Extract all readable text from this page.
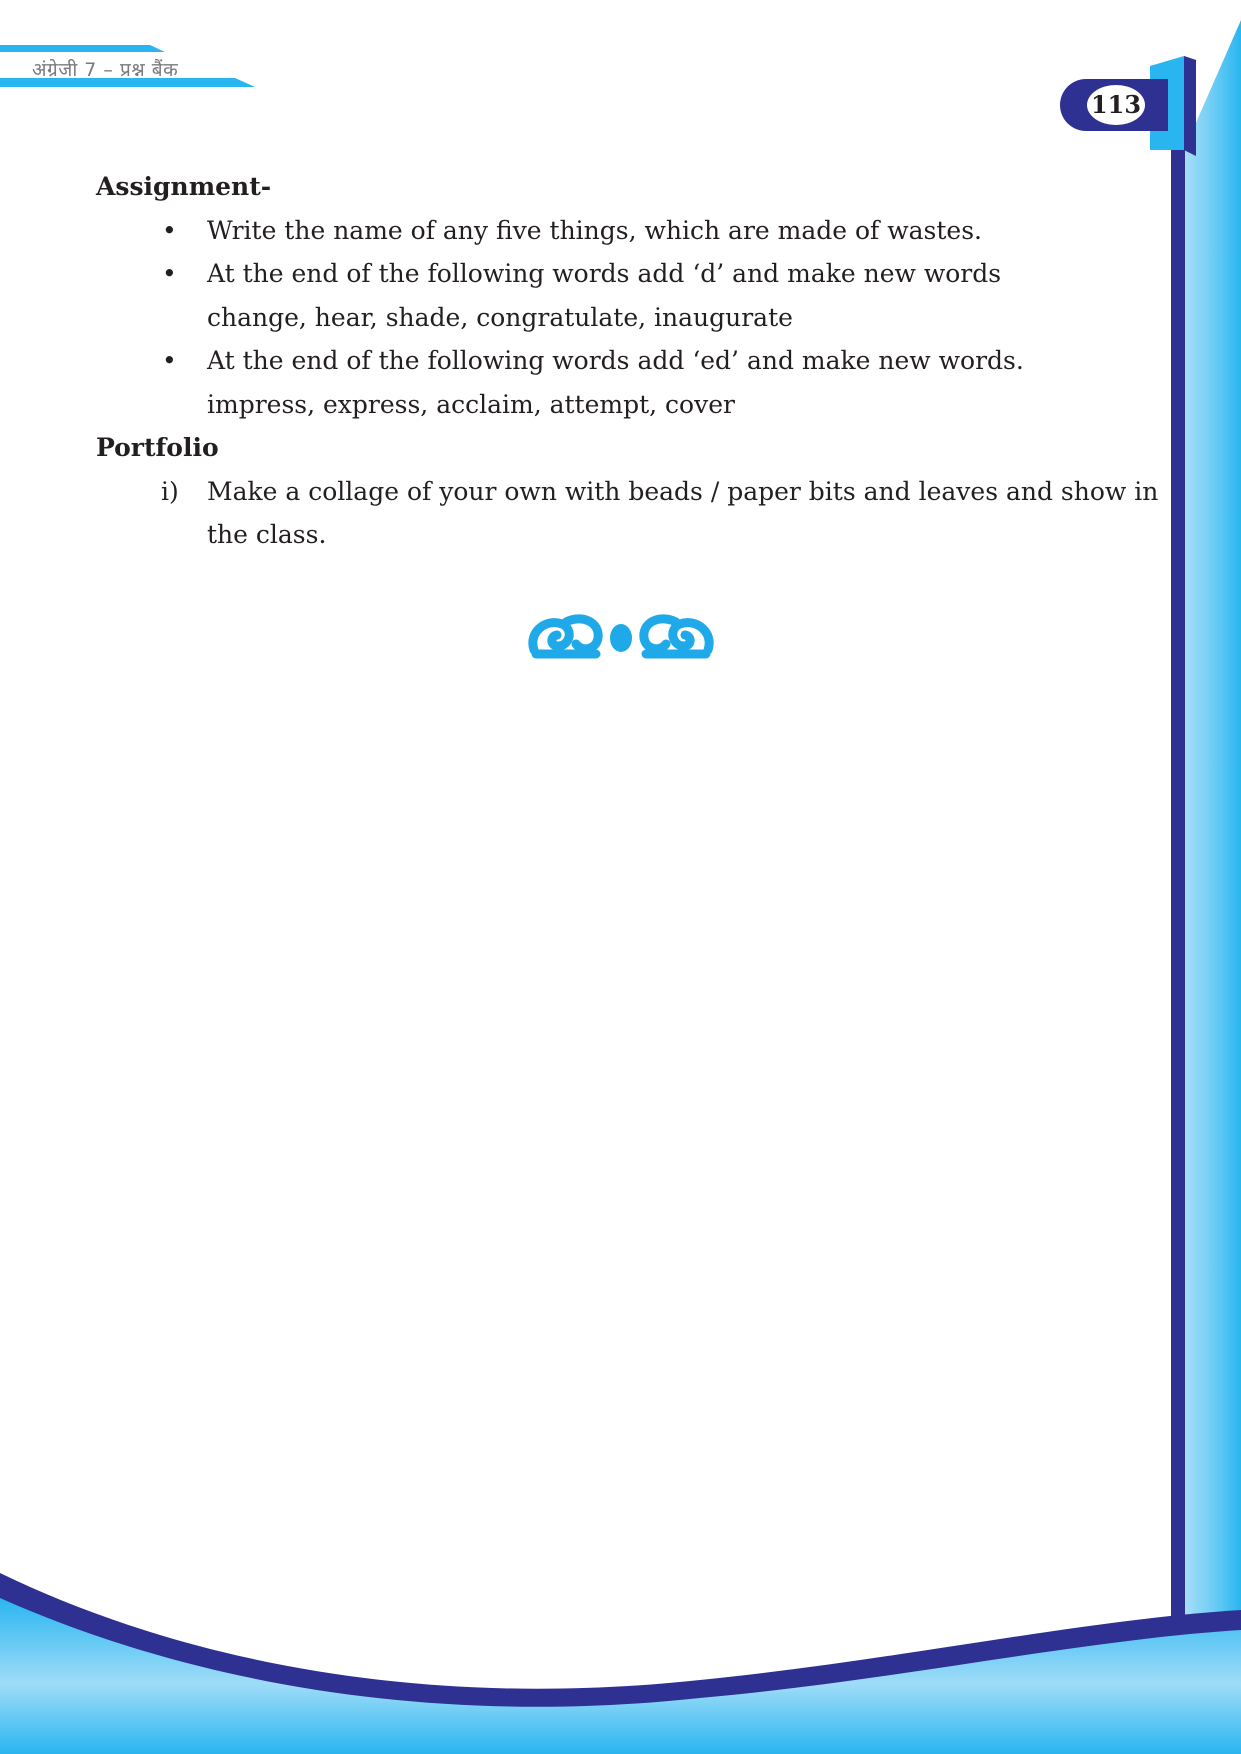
अंग्रेजी 7 – प्रश्न बैंक
113

Assignment-

• Write the name of any five things, which are made of wastes.
• At the end of the following words add ‘d’ and make new words
change, hear, shade, congratulate, inaugurate
• At the end of the following words add ‘ed’ and make new words.
impress, express, acclaim, attempt, cover

Portfolio

i) Make a collage of your own with beads / paper bits and leaves and show in
the class.
